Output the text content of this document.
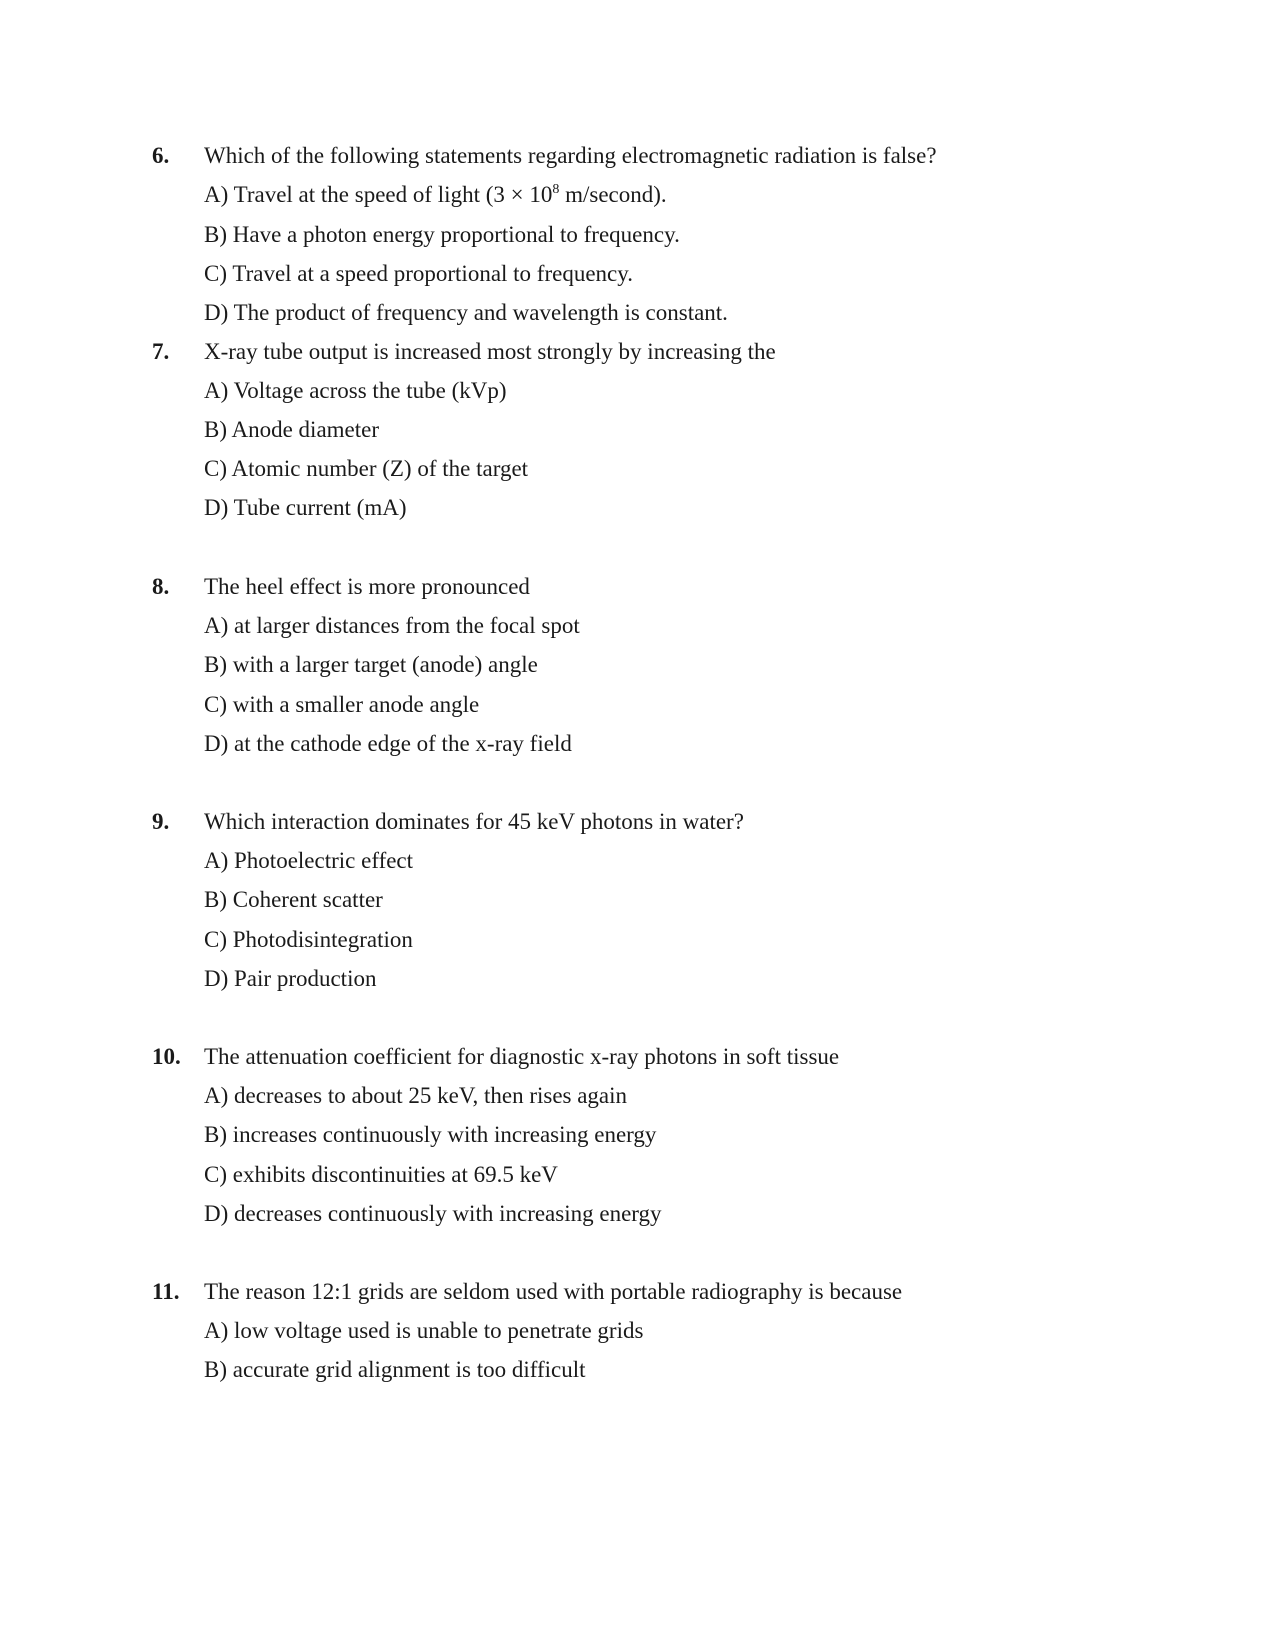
6. Which of the following statements regarding electromagnetic radiation is false?
A) Travel at the speed of light ($3 \times 10^8$ m/second).
B) Have a photon energy proportional to frequency.
C) Travel at a speed proportional to frequency.
D) The product of frequency and wavelength is constant.
7. X-ray tube output is increased most strongly by increasing the
A) Voltage across the tube (kVp)
B) Anode diameter
C) Atomic number (Z) of the target
D) Tube current (mA)
8. The heel effect is more pronounced
A) at larger distances from the focal spot
B) with a larger target (anode) angle
C) with a smaller anode angle
D) at the cathode edge of the x-ray field
9. Which interaction dominates for 45 keV photons in water?
A) Photoelectric effect
B) Coherent scatter
C) Photodisintegration
D) Pair production
10. The attenuation coefficient for diagnostic x-ray photons in soft tissue
A) decreases to about 25 keV, then rises again
B) increases continuously with increasing energy
C) exhibits discontinuities at 69.5 keV
D) decreases continuously with increasing energy
11. The reason 12:1 grids are seldom used with portable radiography is because
A) low voltage used is unable to penetrate grids
B) accurate grid alignment is too difficult
